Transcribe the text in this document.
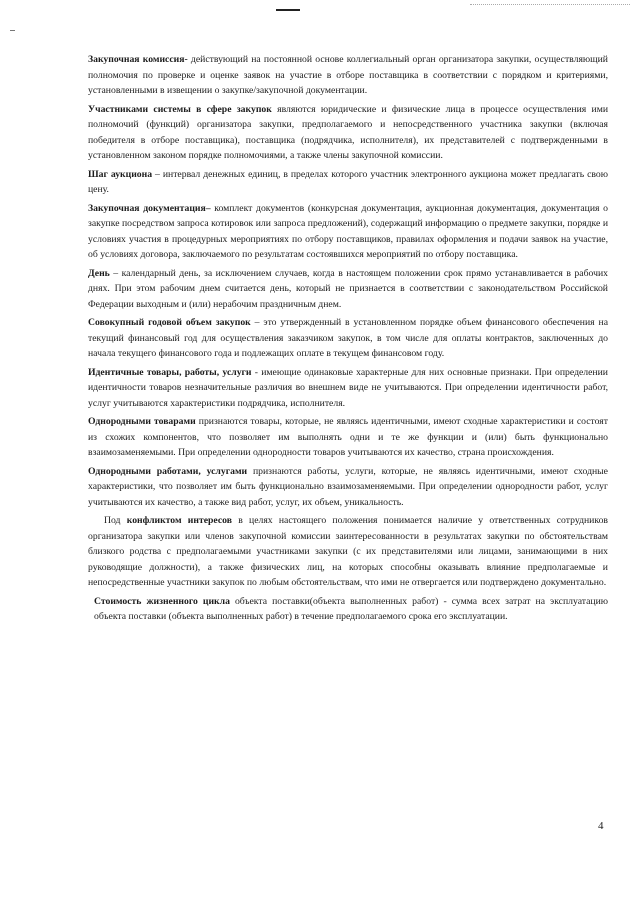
Закупочная комиссия- действующий на постоянной основе коллегиальный орган организатора закупки, осуществляющий полномочия по проверке и оценке заявок на участие в отборе поставщика в соответствии с порядком и критериями, установленными в извещении о закупке/закупочной документации.

Участниками системы в сфере закупок являются юридические и физические лица в процессе осуществления ими полномочий (функций) организатора закупки, предполагаемого и непосредственного участника закупки (включая победителя в отборе поставщика), поставщика (подрядчика, исполнителя), их представителей с подтвержденными в установленном законом порядке полномочиями, а также члены закупочной комиссии.

Шаг аукциона – интервал денежных единиц, в пределах которого участник электронного аукциона может предлагать свою цену.

Закупочная документация– комплект документов (конкурсная документация, аукционная документация, документация о закупке посредством запроса котировок или запроса предложений), содержащий информацию о предмете закупки, порядке и условиях участия в процедурных мероприятиях по отбору поставщиков, правилах оформления и подачи заявок на участие, об условиях договора, заключаемого по результатам состоявшихся мероприятий по отбору поставщика.

День – календарный день, за исключением случаев, когда в настоящем положении срок прямо устанавливается в рабочих днях. При этом рабочим днем считается день, который не признается в соответствии с законодательством Российской Федерации выходным и (или) нерабочим праздничным днем.

Совокупный годовой объем закупок – это утвержденный в установленном порядке объем финансового обеспечения на текущий финансовый год для осуществления заказчиком закупок, в том числе для оплаты контрактов, заключенных до начала текущего финансового года и подлежащих оплате в текущем финансовом году.

Идентичные товары, работы, услуги - имеющие одинаковые характерные для них основные признаки. При определении идентичности товаров незначительные различия во внешнем виде не учитываются. При определении идентичности работ, услуг учитываются характеристики подрядчика, исполнителя.

Однородными товарами признаются товары, которые, не являясь идентичными, имеют сходные характеристики и состоят из схожих компонентов, что позволяет им выполнять одни и те же функции и (или) быть функционально взаимозаменяемыми. При определении однородности товаров учитываются их качество, страна происхождения.

Однородными работами, услугами признаются работы, услуги, которые, не являясь идентичными, имеют сходные характеристики, что позволяет им быть функционально взаимозаменяемыми. При определении однородности работ, услуг учитываются их качество, а также вид работ, услуг, их объем, уникальность.

Под конфликтом интересов в целях настоящего положения понимается наличие у ответственных сотрудников организатора закупки или членов закупочной комиссии заинтересованности в результатах закупки по обстоятельствам близкого родства с предполагаемыми участниками закупки (с их представителями или лицами, занимающими в них руководящие должности), а также физических лиц, на которых способны оказывать влияние предполагаемые и непосредственные участники закупок по любым обстоятельствам, что ими не отвергается или подтверждено документально.

Стоимость жизненного цикла объекта поставки(объекта выполненных работ) - сумма всех затрат на эксплуатацию объекта поставки (объекта выполненных работ) в течение предполагаемого срока его эксплуатации.

4
